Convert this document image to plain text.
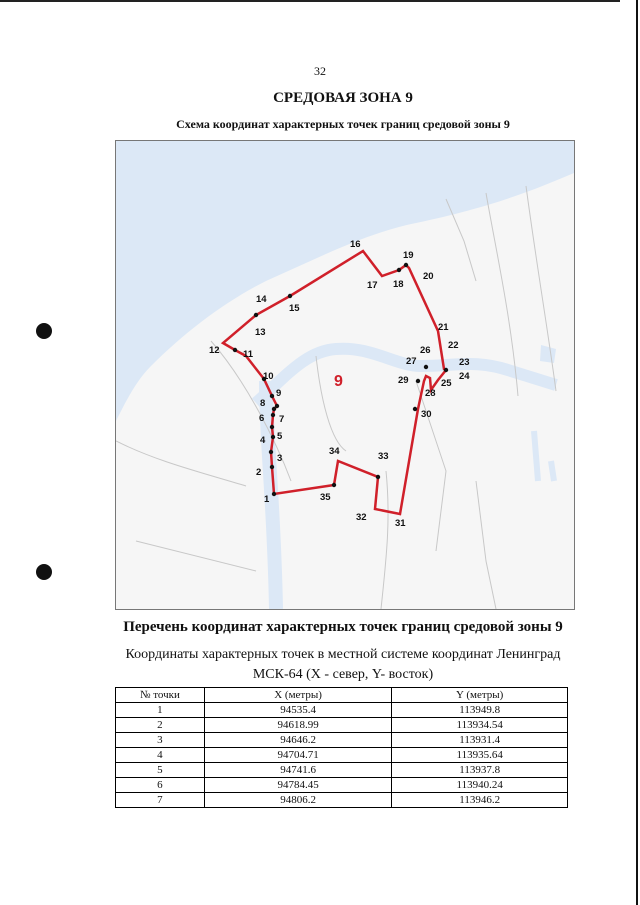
32
СРЕДОВАЯ ЗОНА 9
Схема координат характерных точек границ средовой зоны 9
1
2
3
4 5
6 7
8
9
10
11
12
13
14
15
16
17 18
19
20
21
22
23
24
25
26
27
28
29
30
31
32
33
34
35
9
Перечень координат характерных точек границ средовой зоны 9
Координаты характерных точек в местной системе координат Ленинград
МСК-64 (X - север, Y- восток)
№ точки	X (метры)	Y (метры)
1	94535.4	113949.8
2	94618.99	113934.54
3	94646.2	113931.4
4	94704.71	113935.64
5	94741.6	113937.8
6	94784.45	113940.24
7	94806.2	113946.2
